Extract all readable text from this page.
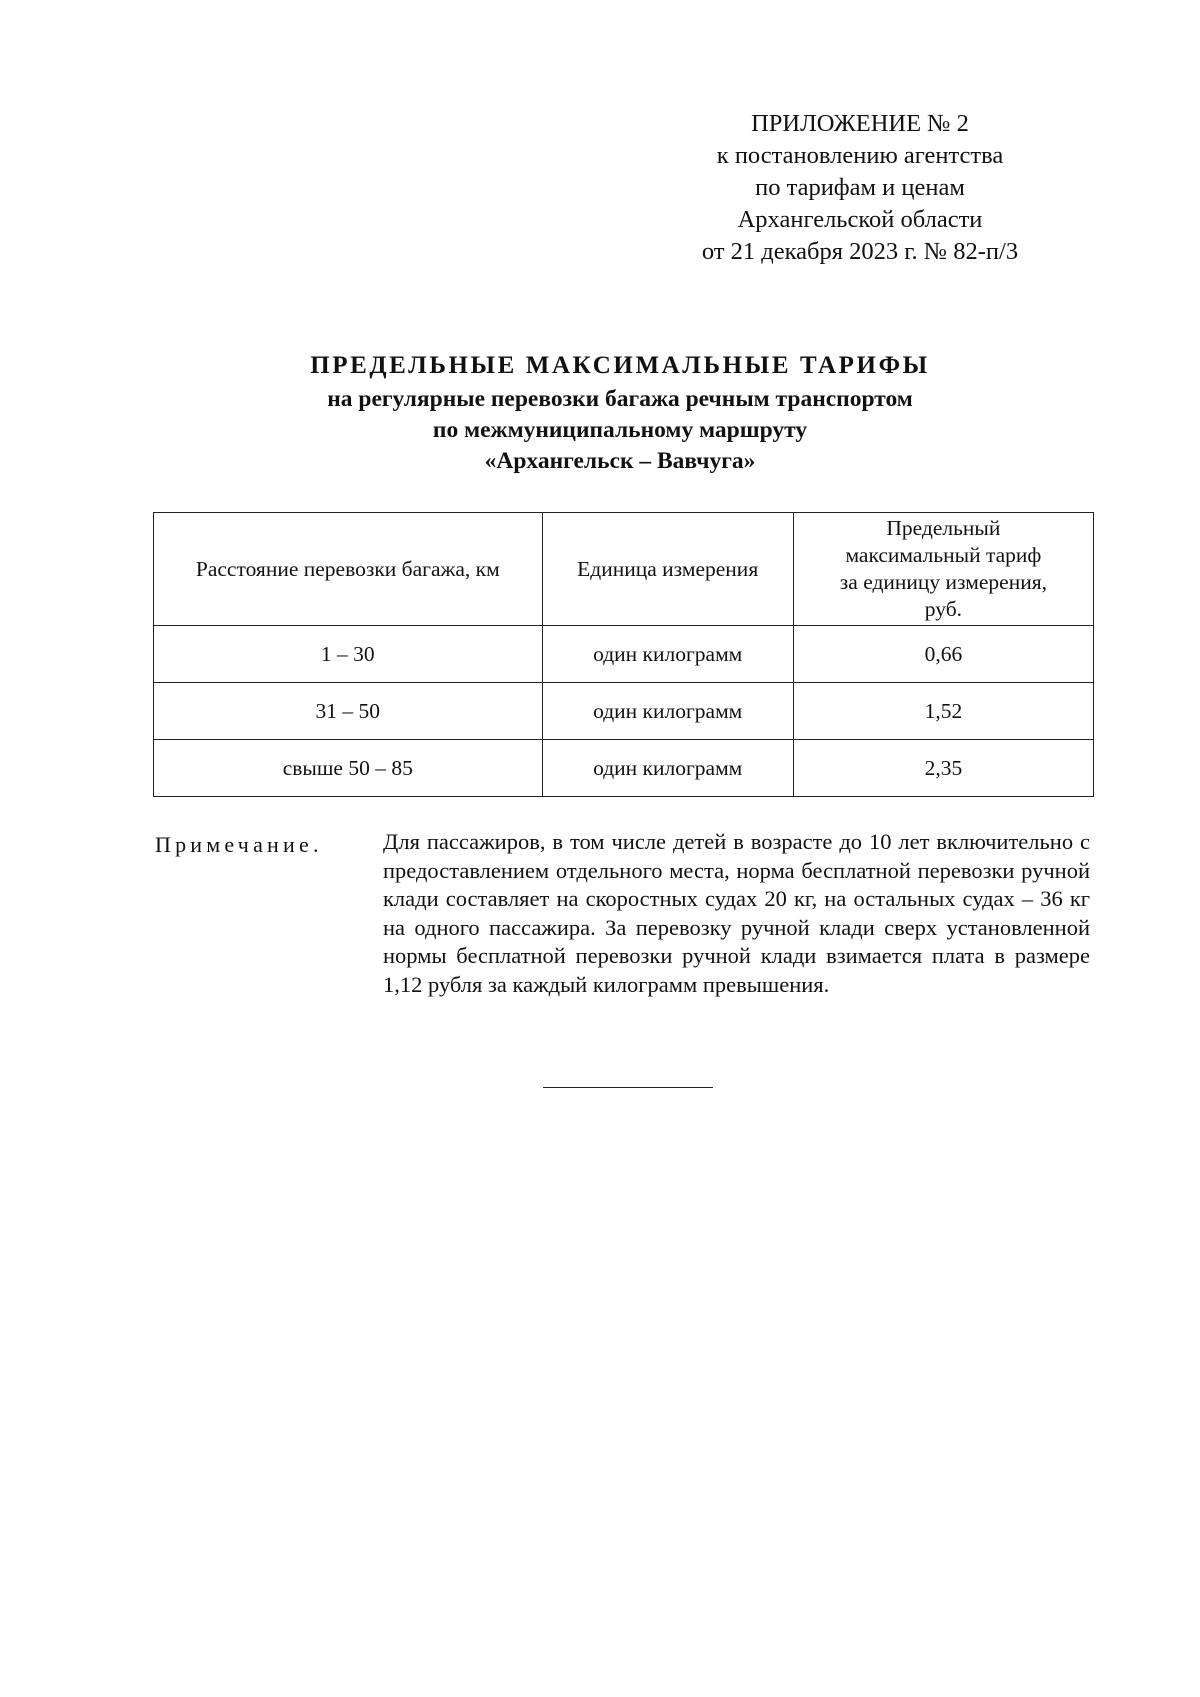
ПРИЛОЖЕНИЕ № 2
к постановлению агентства
по тарифам и ценам
Архангельской области
от 21 декабря 2023 г. № 82-п/3
ПРЕДЕЛЬНЫЕ МАКСИМАЛЬНЫЕ ТАРИФЫ
на регулярные перевозки багажа речным транспортом
по межмуниципальному маршруту
«Архангельск – Вавчуга»
Расстояние перевозки багажа, км	Единица измерения	Предельный
максимальный тариф
за единицу измерения,
руб.

1 – 30	один килограмм	0,66
31 – 50	один килограмм	1,52
свыше 50 – 85	один килограмм	2,35
Примечание.	Для пассажиров, в том числе детей в возрасте до 10 лет включительно с предоставлением отдельного места, норма бесплатной перевозки ручной клади составляет на скоростных судах 20 кг, на остальных судах – 36 кг на одного пассажира. За перевозку ручной клади сверх установленной нормы бесплатной перевозки ручной клади взимается плата в размере 1,12 рубля за каждый килограмм превышения.
